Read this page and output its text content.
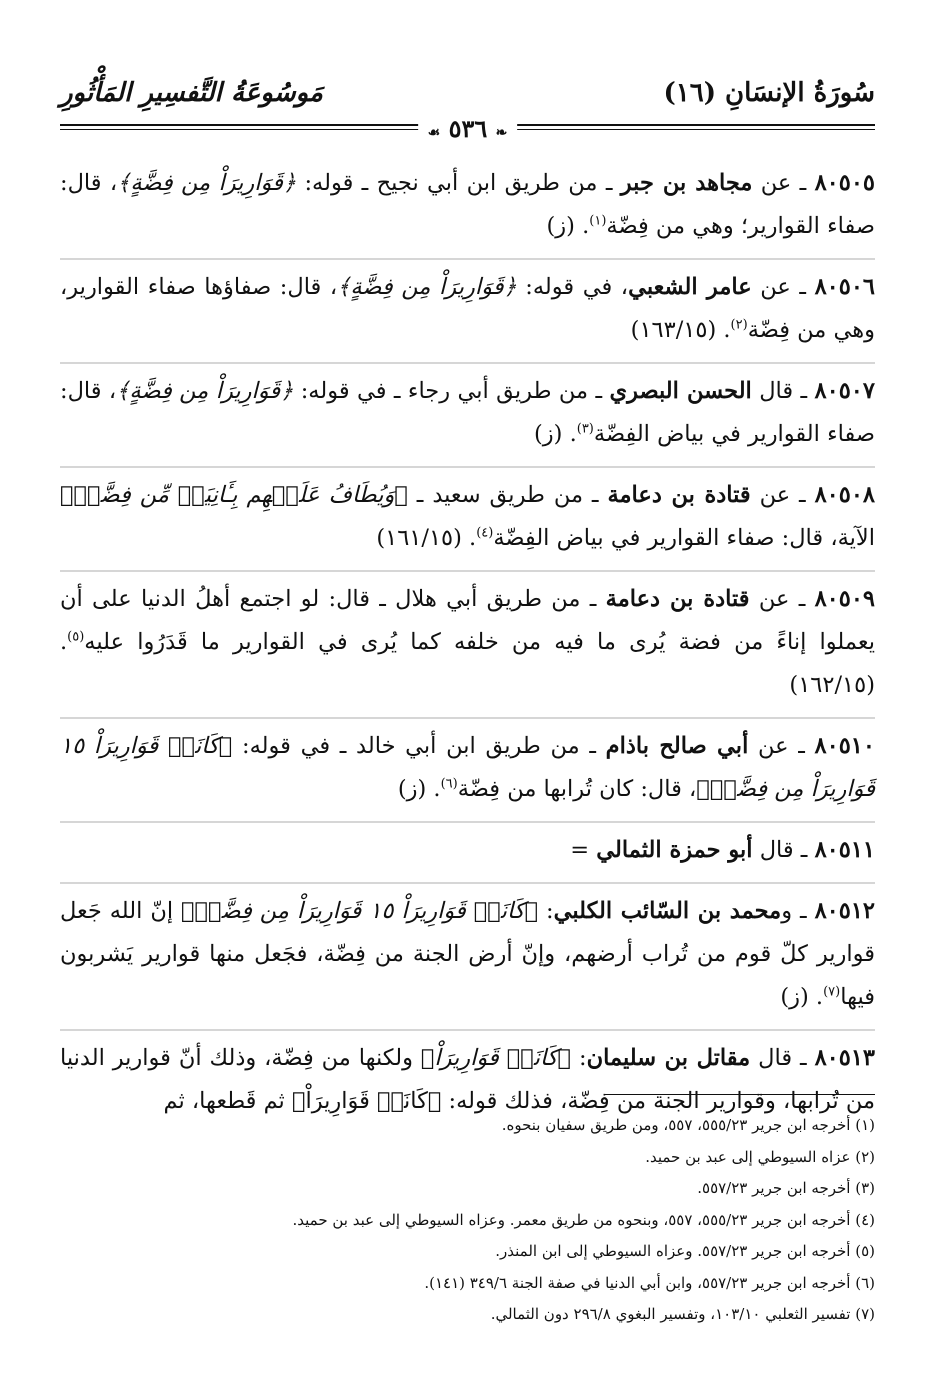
سُورَةُ الإنسَانِ (١٦)
مَوسُوعَةُ التَّفسِيرِ المَأْثُورِ
❧ ٥٣٦ ☙

٨٠٥٠٥ ـ عن مجاهد بن جبر ـ من طريق ابن أبي نجيح ـ قوله: ﴿قَوَارِيرَاْ مِن فِضَّةٍ﴾، قال: صفاء القوارير؛ وهي من فِضّة$^{(١)}$. (ز)

٨٠٥٠٦ ـ عن عامر الشعبي، في قوله: ﴿قَوَارِيرَاْ مِن فِضَّةٍ﴾، قال: صفاؤها صفاء القوارير، وهي من فِضّة$^{(٢)}$. (١٦٣/١٥)

٨٠٥٠٧ ـ قال الحسن البصري ـ من طريق أبي رجاء ـ في قوله: ﴿قَوَارِيرَاْ مِن فِضَّةٍ﴾، قال: صفاء القوارير في بياض الفِضّة$^{(٣)}$. (ز)

٨٠٥٠٨ ـ عن قتادة بن دعامة ـ من طريق سعيد ـ ﴿وَيُطَافُ عَلَيۡهِم بِـَٔانِيَةٖ مِّن فِضَّةٖ﴾ الآية، قال: صفاء القوارير في بياض الفِضّة$^{(٤)}$. (١٦١/١٥)

٨٠٥٠٩ ـ عن قتادة بن دعامة ـ من طريق أبي هلال ـ قال: لو اجتمع أهلُ الدنيا على أن يعملوا إناءً من فضة يُرى ما فيه من خلفه كما يُرى في القوارير ما قَدَرُوا عليه$^{(٥)}$. (١٦٢/١٥)

٨٠٥١٠ ـ عن أبي صالح باذام ـ من طريق ابن أبي خالد ـ في قوله: ﴿كَانَتۡ قَوَارِيرَاْ ١٥ قَوَارِيرَاْ مِن فِضَّةٖ﴾، قال: كان تُرابها من فِضّة$^{(٦)}$. (ز)

٨٠٥١١ ـ قال أبو حمزة الثمالي =

٨٠٥١٢ ـ ومحمد بن السّائب الكلبي: ﴿كَانَتۡ قَوَارِيرَاْ ١٥ قَوَارِيرَاْ مِن فِضَّةٖ﴾ إنّ الله جَعل قوارير كلّ قوم من تُراب أرضهم، وإنّ أرض الجنة من فِضّة، فجَعل منها قوارير يَشربون فيها$^{(٧)}$. (ز)

٨٠٥١٣ ـ قال مقاتل بن سليمان: ﴿كَانَتۡ قَوَارِيرَاْ﴾ ولكنها من فِضّة، وذلك أنّ قوارير الدنيا من تُرابها، وقوارير الجنة من فِضّة، فذلك قوله: ﴿كَانَتۡ قَوَارِيرَاْ﴾ ثم قَطعها، ثم

(١) أخرجه ابن جرير ٥٥٥/٢٣، ٥٥٧، ومن طريق سفيان بنحوه.

(٢) عزاه السيوطي إلى عبد بن حميد.

(٣) أخرجه ابن جرير ٥٥٧/٢٣.

(٤) أخرجه ابن جرير ٥٥٥/٢٣، ٥٥٧، وبنحوه من طريق معمر. وعزاه السيوطي إلى عبد بن حميد.

(٥) أخرجه ابن جرير ٥٥٧/٢٣. وعزاه السيوطي إلى ابن المنذر.

(٦) أخرجه ابن جرير ٥٥٧/٢٣، وابن أبي الدنيا في صفة الجنة ٣٤٩/٦ (١٤١).

(٧) تفسير الثعلبي ١٠٣/١٠، وتفسير البغوي ٢٩٦/٨ دون الثمالي.
